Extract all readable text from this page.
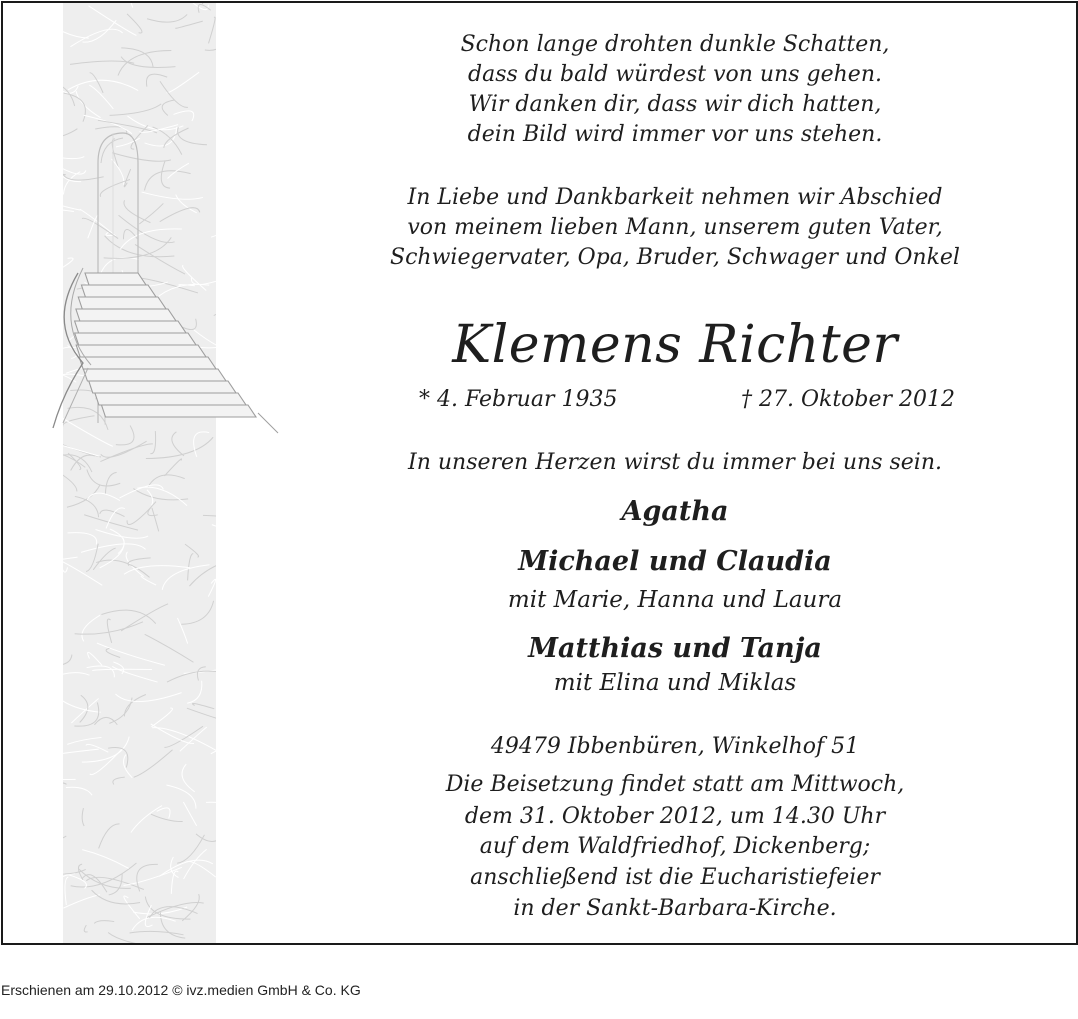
Schon lange drohten dunkle Schatten,
dass du bald würdest von uns gehen.
Wir danken dir, dass wir dich hatten,
dein Bild wird immer vor uns stehen.
In Liebe und Dankbarkeit nehmen wir Abschied
von meinem lieben Mann, unserem guten Vater,
Schwiegervater, Opa, Bruder, Schwager und Onkel
Klemens Richter
* 4. Februar 1935	† 27. Oktober 2012
In unseren Herzen wirst du immer bei uns sein.
Agatha
Michael und Claudia
mit Marie, Hanna und Laura
Matthias und Tanja
mit Elina und Miklas
49479 Ibbenbüren, Winkelhof 51
Die Beisetzung findet statt am Mittwoch,
dem 31. Oktober 2012, um 14.30 Uhr
auf dem Waldfriedhof, Dickenberg;
anschließend ist die Eucharistiefeier
in der Sankt-Barbara-Kirche.
Erschienen am 29.10.2012 © ivz.medien GmbH & Co. KG
